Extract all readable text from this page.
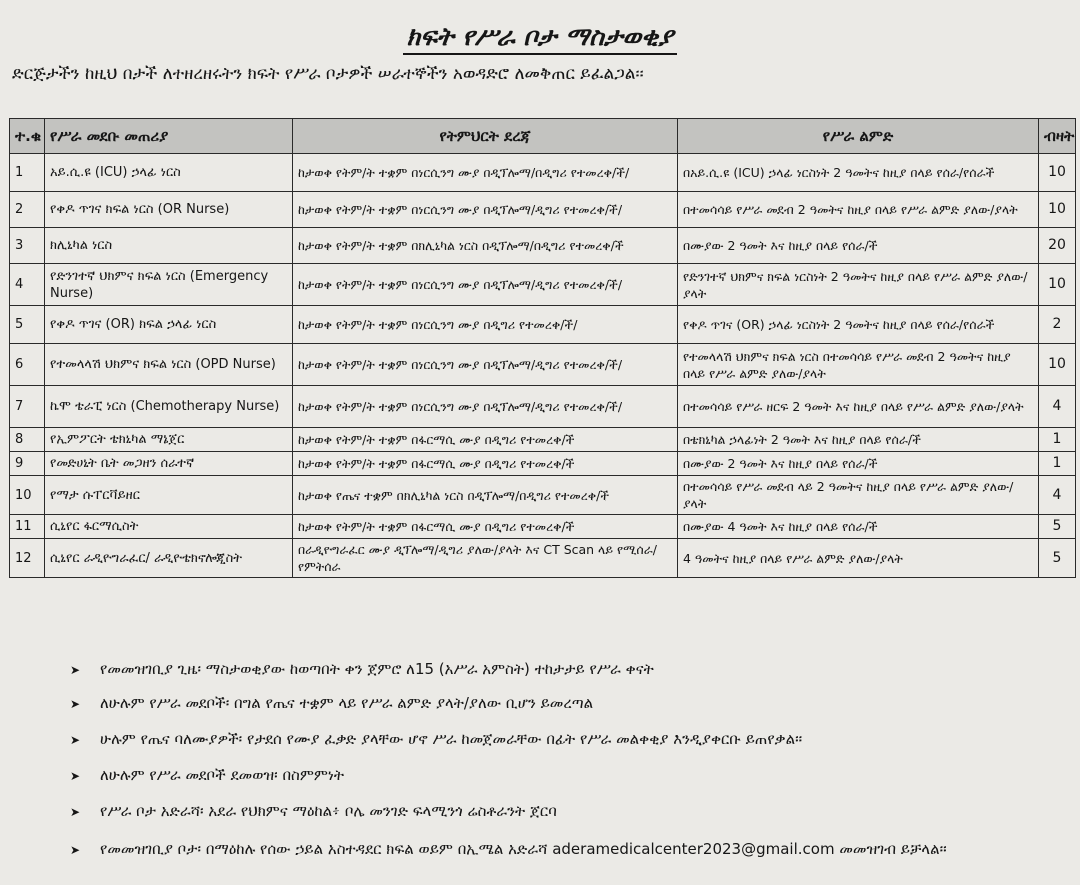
ክፍት የሥራ ቦታ ማስታወቂያ
ድርጅታችን ከዚህ በታች ለተዘረዘሩትን ክፍት የሥራ ቦታዎች ሠራተኞችን አወዳድሮ ለመቅጠር ይፈልጋል፡፡
ተ.ቁ	የሥራ መደቡ መጠሪያ	የትምህርት ደረጃ	የሥራ ልምድ	ብዛት
1	አይ.ሲ.ዩ (ICU) ኃላፊ ነርስ	ከታወቀ የትም/ት ተቋም በነርሲንግ ሙያ በዲፕሎማ/በዲግሪ የተመረቀ/ች/	በአይ.ሲ.ዩ (ICU) ኃላፊ ነርስነት 2 ዓመትና ከዚያ በላይ የሰራ/የሰራች	10
2	የቀዶ ጥገና ክፍል ነርስ (OR Nurse)	ከታወቀ የትም/ት ተቋም በነርሲንግ ሙያ በዲፕሎማ/ዲግሪ የተመረቀ/ች/	በተመሳሳይ የሥራ መደብ 2 ዓመትና ከዚያ በላይ የሥራ ልምድ ያለው/ያላት	10
3	ክሊኒካል ነርስ	ከታወቀ የትም/ት ተቋም በክሊኒካል ነርስ በዲፕሎማ/በዲግሪ የተመረቀ/ች	በሙያው 2 ዓመት እና ከዚያ በላይ የሰራ/ች	20
4	የድንገተኛ ህክምና ክፍል ነርስ (Emergency Nurse)	ከታወቀ የትም/ት ተቋም በነርሲንግ ሙያ በዲፕሎማ/ዲግሪ የተመረቀ/ች/	የድንገተኛ ህክምና ክፍል ነርስነት 2 ዓመትና ከዚያ በላይ የሥራ ልምድ ያለው/ያላት	10
5	የቀዶ ጥገና (OR) ክፍል ኃላፊ ነርስ	ከታወቀ የትም/ት ተቋም በነርሲንግ ሙያ በዲግሪ የተመረቀ/ች/	የቀዶ ጥገና (OR) ኃላፊ ነርስነት 2 ዓመትና ከዚያ በላይ የሰራ/የሰራች	2
6	የተመላላሽ ህክምና ክፍል ነርስ (OPD Nurse)	ከታወቀ የትም/ት ተቋም በነርሲንግ ሙያ በዲፕሎማ/ዲግሪ የተመረቀ/ች/	የተመላላሽ ህክምና ክፍል ነርስ በተመሳሳይ የሥራ መደብ 2 ዓመትና ከዚያ በላይ የሥራ ልምድ ያለው/ያላት	10
7	ኬሞ ቴራፒ ነርስ (Chemotherapy Nurse)	ከታወቀ የትም/ት ተቋም በነርሲንግ ሙያ በዲፕሎማ/ዲግሪ የተመረቀ/ች/	በተመሳሳይ የሥራ ዘርፍ 2 ዓመት እና ከዚያ በላይ የሥራ ልምድ ያለው/ያላት	4
8	የኢምፖርት ቴክኒካል ማኔጀር	ከታወቀ የትም/ት ተቋም በፋርማሲ ሙያ በዲግሪ የተመረቀ/ች	በቴክኒካል ኃላፊነት 2 ዓመት እና ከዚያ በላይ የሰራ/ች	1
9	የመድሀኒት ቤት መጋዘን ሰራተኛ	ከታወቀ የትም/ት ተቋም በፋርማሲ ሙያ በዲግሪ የተመረቀ/ች	በሙያው 2 ዓመት እና ከዚያ በላይ የሰራ/ች	1
10	የማታ ሱፐርቫይዘር	ከታወቀ የጤና ተቋም በክሊኒካል ነርስ በዲፕሎማ/በዲግሪ የተመረቀ/ች	በተመሳሳይ የሥራ መደብ ላይ 2 ዓመትና ከዚያ በላይ የሥራ ልምድ ያለው/ያላት	4
11	ሲኒየር ፋርማሲስት	ከታወቀ የትም/ት ተቋም በፋርማሲ ሙያ በዲግሪ የተመረቀ/ች	በሙያው 4 ዓመት እና ከዚያ በላይ የሰራ/ች	5
12	ሲኒየር ራዲዮግራፈር/ ራዲዮቴክኖሎጂስት	በራዲዮግራፈር ሙያ ዲፕሎማ/ዲግሪ ያለው/ያላት እና CT Scan ላይ የሚሰራ/የምትሰራ	4 ዓመትና ከዚያ በላይ የሥራ ልምድ ያለው/ያላት	5
➤ የመመዝገቢያ ጊዜ፡ ማስታወቂያው ከወጣበት ቀን ጀምሮ ለ15 (አሥራ አምስት) ተከታታይ የሥራ ቀናት
➤ ለሁሉም የሥራ መደቦች፡ በግል የጤና ተቋም ላይ የሥራ ልምድ ያላት/ያለው ቢሆን ይመረጣል
➤ ሁሉም የጤና ባለሙያዎች፡ የታደሰ የሙያ ፈቃድ ያላቸው ሆኖ ሥራ ከመጀመራቸው በፊት የሥራ መልቀቂያ እንዲያቀርቡ ይጠየቃል፡፡
➤ ለሁሉም የሥራ መደቦች ደመወዝ፡ በስምምነት
➤ የሥራ ቦታ አድራሻ፡ አደራ የህክምና ማዕከል፥ ቦሌ መንገድ ፍላሚንጎ ሬስቶራንት ጀርባ
➤ የመመዝገቢያ ቦታ፡ በማዕከሉ የሰው ኃይል አስተዳደር ክፍል ወይም በኢሜል አድራሻ aderamedicalcenter2023@gmail.com መመዝገብ ይቻላል፡፡
